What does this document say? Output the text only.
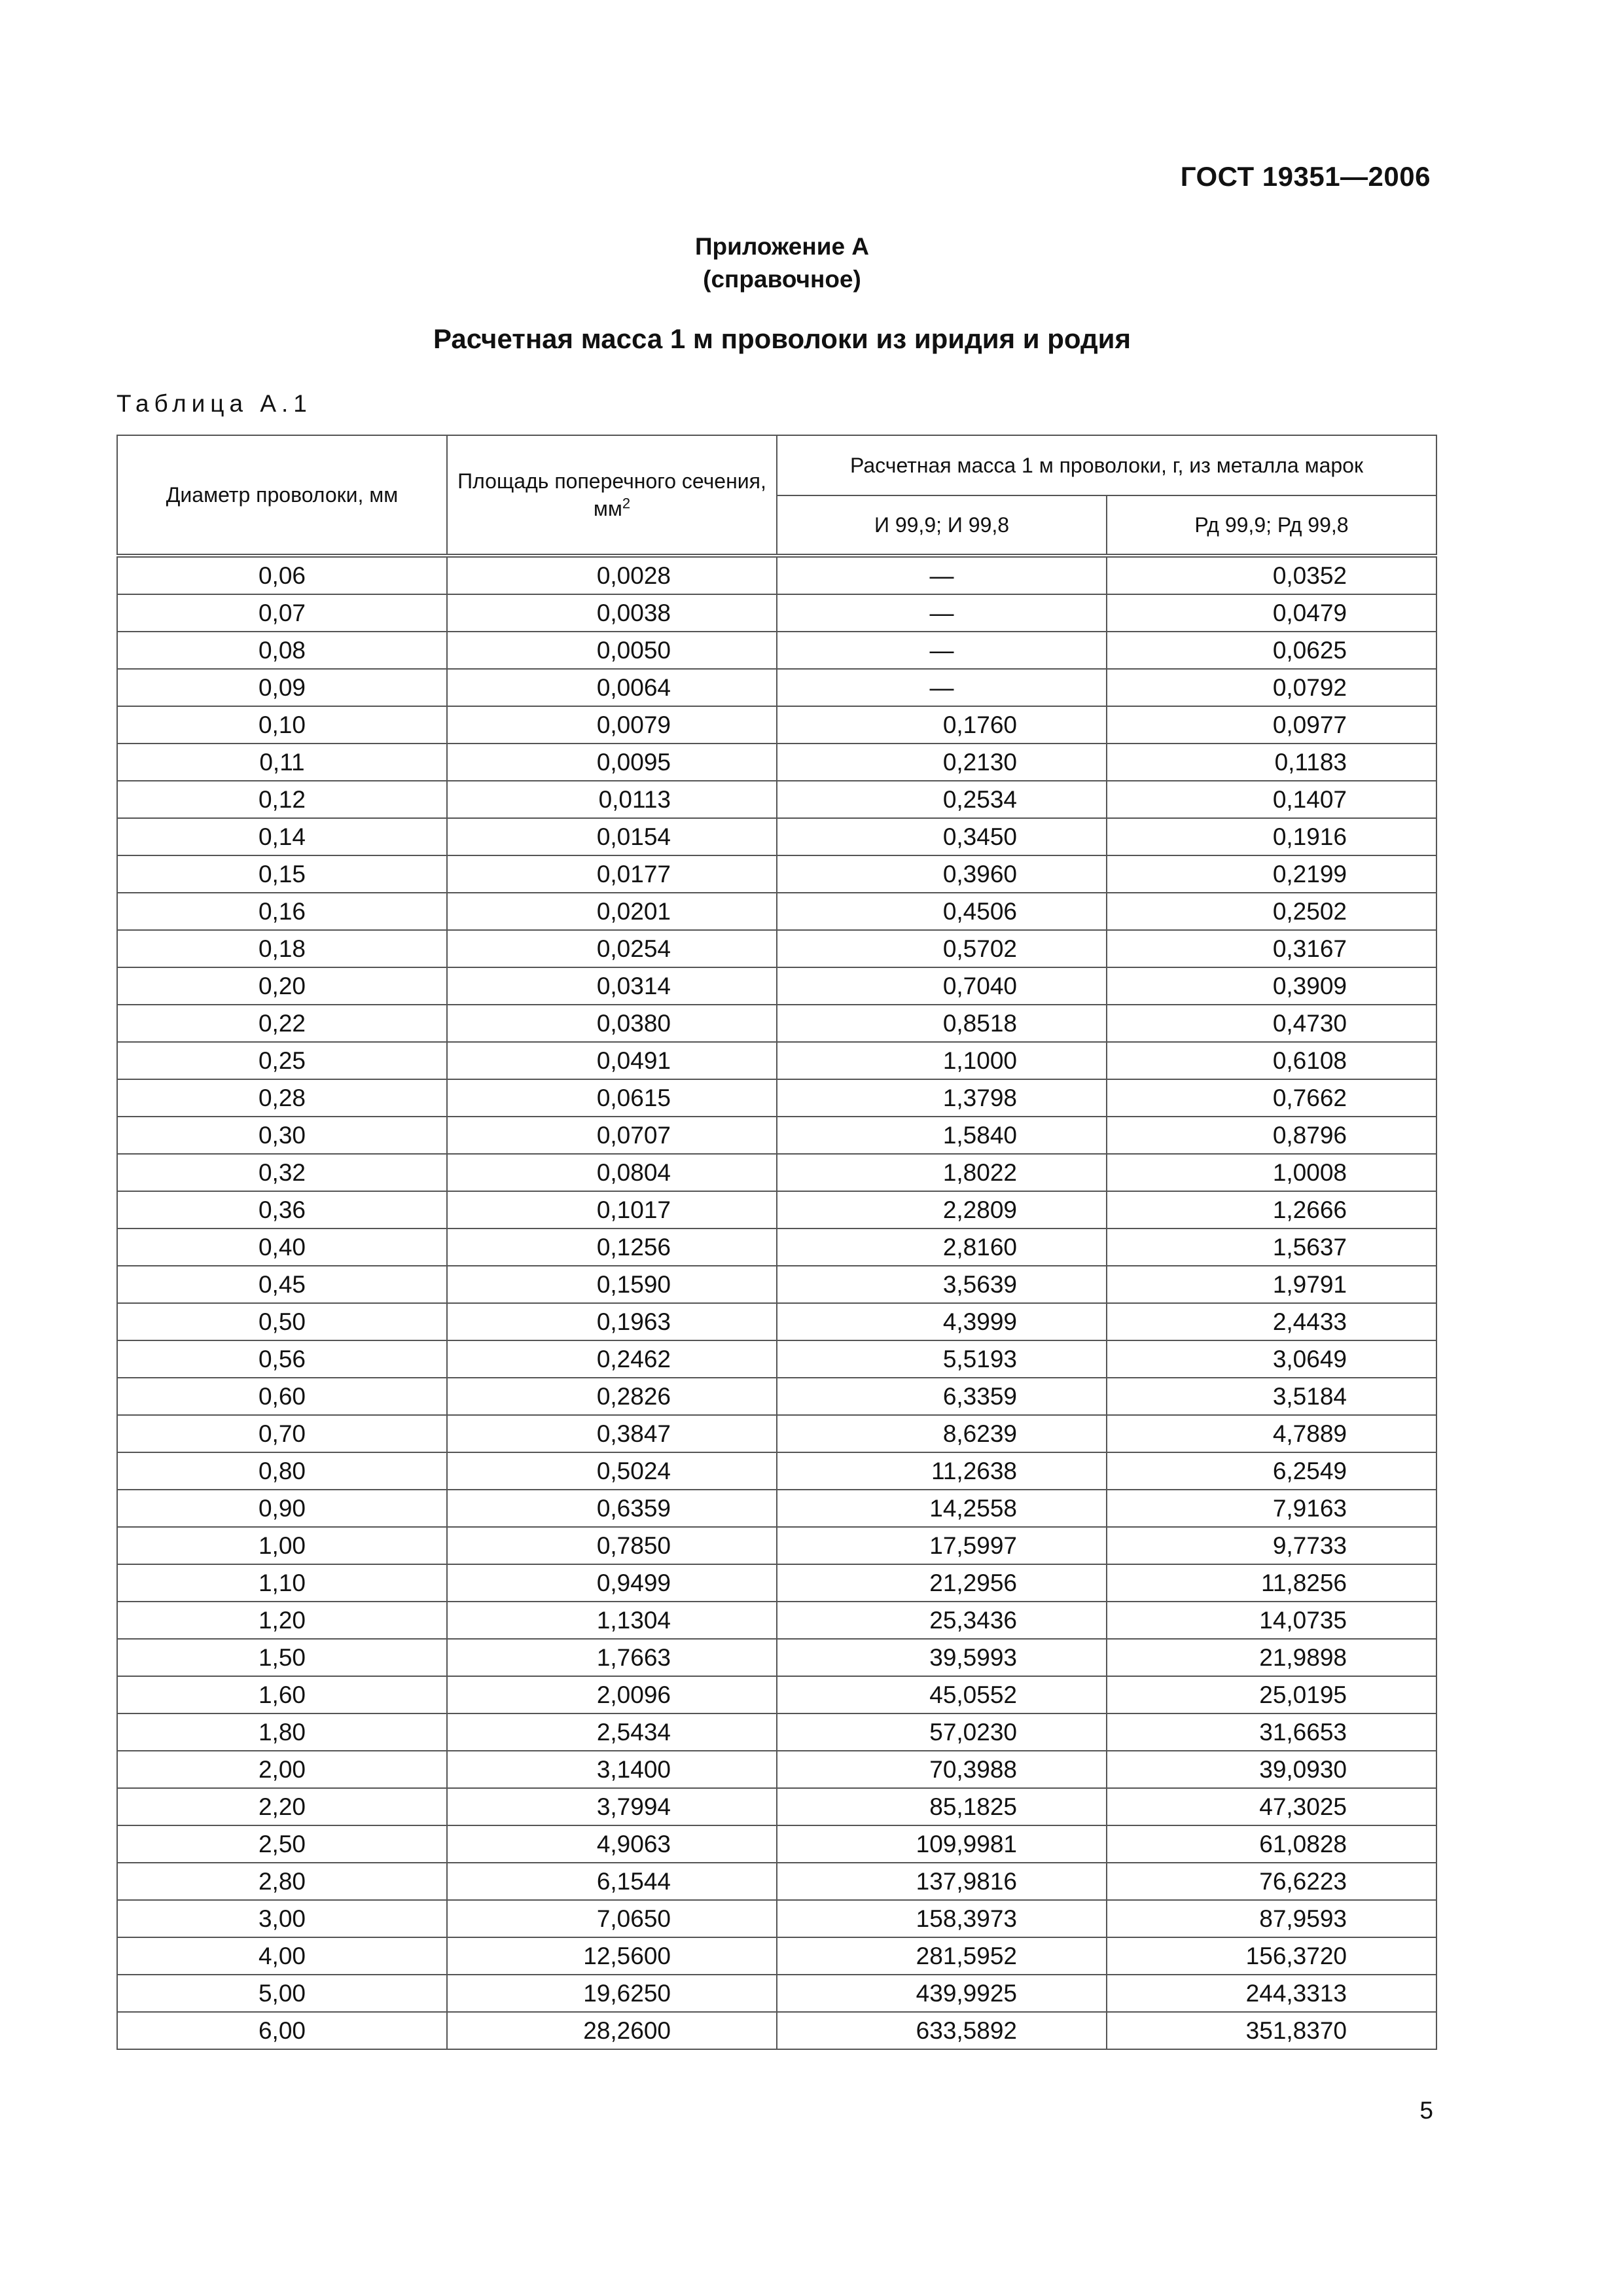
ГОСТ 19351—2006
Приложение А
(справочное)
Расчетная масса 1 м проволоки из иридия и родия
Таблица А.1
Диаметр проволоки, мм	Площадь поперечного сечения, $мм^2$	Расчетная масса 1 м проволоки, г, из металла марок	
		И 99,9; И 99,8	Рд 99,9; Рд 99,8
0,06	0,0028	—	0,0352
0,07	0,0038	—	0,0479
0,08	0,0050	—	0,0625
0,09	0,0064	—	0,0792
0,10	0,0079	0,1760	0,0977
0,11	0,0095	0,2130	0,1183
0,12	0,0113	0,2534	0,1407
0,14	0,0154	0,3450	0,1916
0,15	0,0177	0,3960	0,2199
0,16	0,0201	0,4506	0,2502
0,18	0,0254	0,5702	0,3167
0,20	0,0314	0,7040	0,3909
0,22	0,0380	0,8518	0,4730
0,25	0,0491	1,1000	0,6108
0,28	0,0615	1,3798	0,7662
0,30	0,0707	1,5840	0,8796
0,32	0,0804	1,8022	1,0008
0,36	0,1017	2,2809	1,2666
0,40	0,1256	2,8160	1,5637
0,45	0,1590	3,5639	1,9791
0,50	0,1963	4,3999	2,4433
0,56	0,2462	5,5193	3,0649
0,60	0,2826	6,3359	3,5184
0,70	0,3847	8,6239	4,7889
0,80	0,5024	11,2638	6,2549
0,90	0,6359	14,2558	7,9163
1,00	0,7850	17,5997	9,7733
1,10	0,9499	21,2956	11,8256
1,20	1,1304	25,3436	14,0735
1,50	1,7663	39,5993	21,9898
1,60	2,0096	45,0552	25,0195
1,80	2,5434	57,0230	31,6653
2,00	3,1400	70,3988	39,0930
2,20	3,7994	85,1825	47,3025
2,50	4,9063	109,9981	61,0828
2,80	6,1544	137,9816	76,6223
3,00	7,0650	158,3973	87,9593
4,00	12,5600	281,5952	156,3720
5,00	19,6250	439,9925	244,3313
6,00	28,2600	633,5892	351,8370
5
